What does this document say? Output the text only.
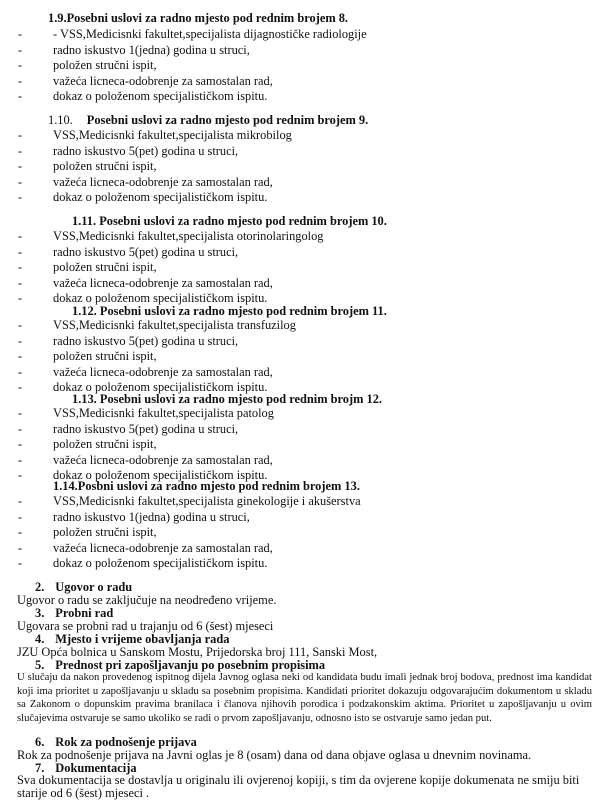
1.9.Posebni uslovi za radno mjesto pod rednim brojem 8.
- - VSS,Medicisnki fakultet,specijalista dijagnostičke radiologije
- radno iskustvo 1(jedna) godina u struci,
- položen stručni ispit,
- važeća licneca-odobrenje za samostalan rad,
- dokaz o položenom specijalističkom ispitu.
1.10. Posebni uslovi za radno mjesto pod rednim brojem 9.
- VSS,Medicisnki fakultet,specijalista mikrobilog
- radno iskustvo 5(pet) godina u struci,
- položen stručni ispit,
- važeća licneca-odobrenje za samostalan rad,
- dokaz o položenom specijalističkom ispitu.
1.11. Posebni uslovi za radno mjesto pod rednim brojem 10.
- VSS,Medicisnki fakultet,specijalista otorinolaringolog
- radno iskustvo 5(pet) godina u struci,
- položen stručni ispit,
- važeća licneca-odobrenje za samostalan rad,
- dokaz o položenom specijalističkom ispitu.
1.12. Posebni uslovi za radno mjesto pod rednim brojem 11.
- VSS,Medicisnki fakultet,specijalista transfuzilog
- radno iskustvo 5(pet) godina u struci,
- položen stručni ispit,
- važeća licneca-odobrenje za samostalan rad,
- dokaz o položenom specijalističkom ispitu.
1.13. Posebni uslovi za radno mjesto pod rednim brojm 12.
- VSS,Medicisnki fakultet,specijalista patolog
- radno iskustvo 5(pet) godina u struci,
- položen stručni ispit,
- važeća licneca-odobrenje za samostalan rad,
- dokaz o položenom specijalističkom ispitu.
1.14.Posbni uslovi za radno mjesto pod rednim brojem 13.
- VSS,Medicisnki fakultet,specijalista ginekologije i akušerstva
- radno iskustvo 1(jedna) godina u struci,
- položen stručni ispit,
- važeća licneca-odobrenje za samostalan rad,
- dokaz o položenom specijalističkom ispitu.
2. Ugovor o radu
Ugovor o radu se zaključuje na neodređeno vrijeme.
3. Probni rad
Ugovara se probni rad u trajanju od 6 (šest) mjeseci
4. Mjesto i vrijeme obavljanja rada
JZU Opća bolnica u Sanskom Mostu, Prijedorska broj 111, Sanski Most,
5. Prednost pri zapošljavanju po posebnim propisima
U slučaju da nakon provedenog ispitnog dijela Javnog oglasa neki od kandidata budu imali jednak broj bodova, prednost ima kandidat koji ima prioritet u zapošljavanju u skladu sa posebnim propisima. Kandidati prioritet dokazuju odgovarajućim dokumentom u skladu sa Zakonom o dopunskim pravima branilaca i članova njihovih porodica i podzakonskim aktima. Prioritet u zapošljavanju u ovim slučajevima ostvaruje se samo ukoliko se radi o prvom zapošljavanju, odnosno isto se ostvaruje samo jedan put.
6. Rok za podnošenje prijava
Rok za podnošenje prijava na Javni oglas je 8 (osam) dana od dana objave oglasa u dnevnim novinama.
7. Dokumentacija
Sva dokumentacija se dostavlja u originalu ili ovjerenoj kopiji, s tim da ovjerene kopije dokumenata ne smiju biti starije od 6 (šest) mjeseci .
